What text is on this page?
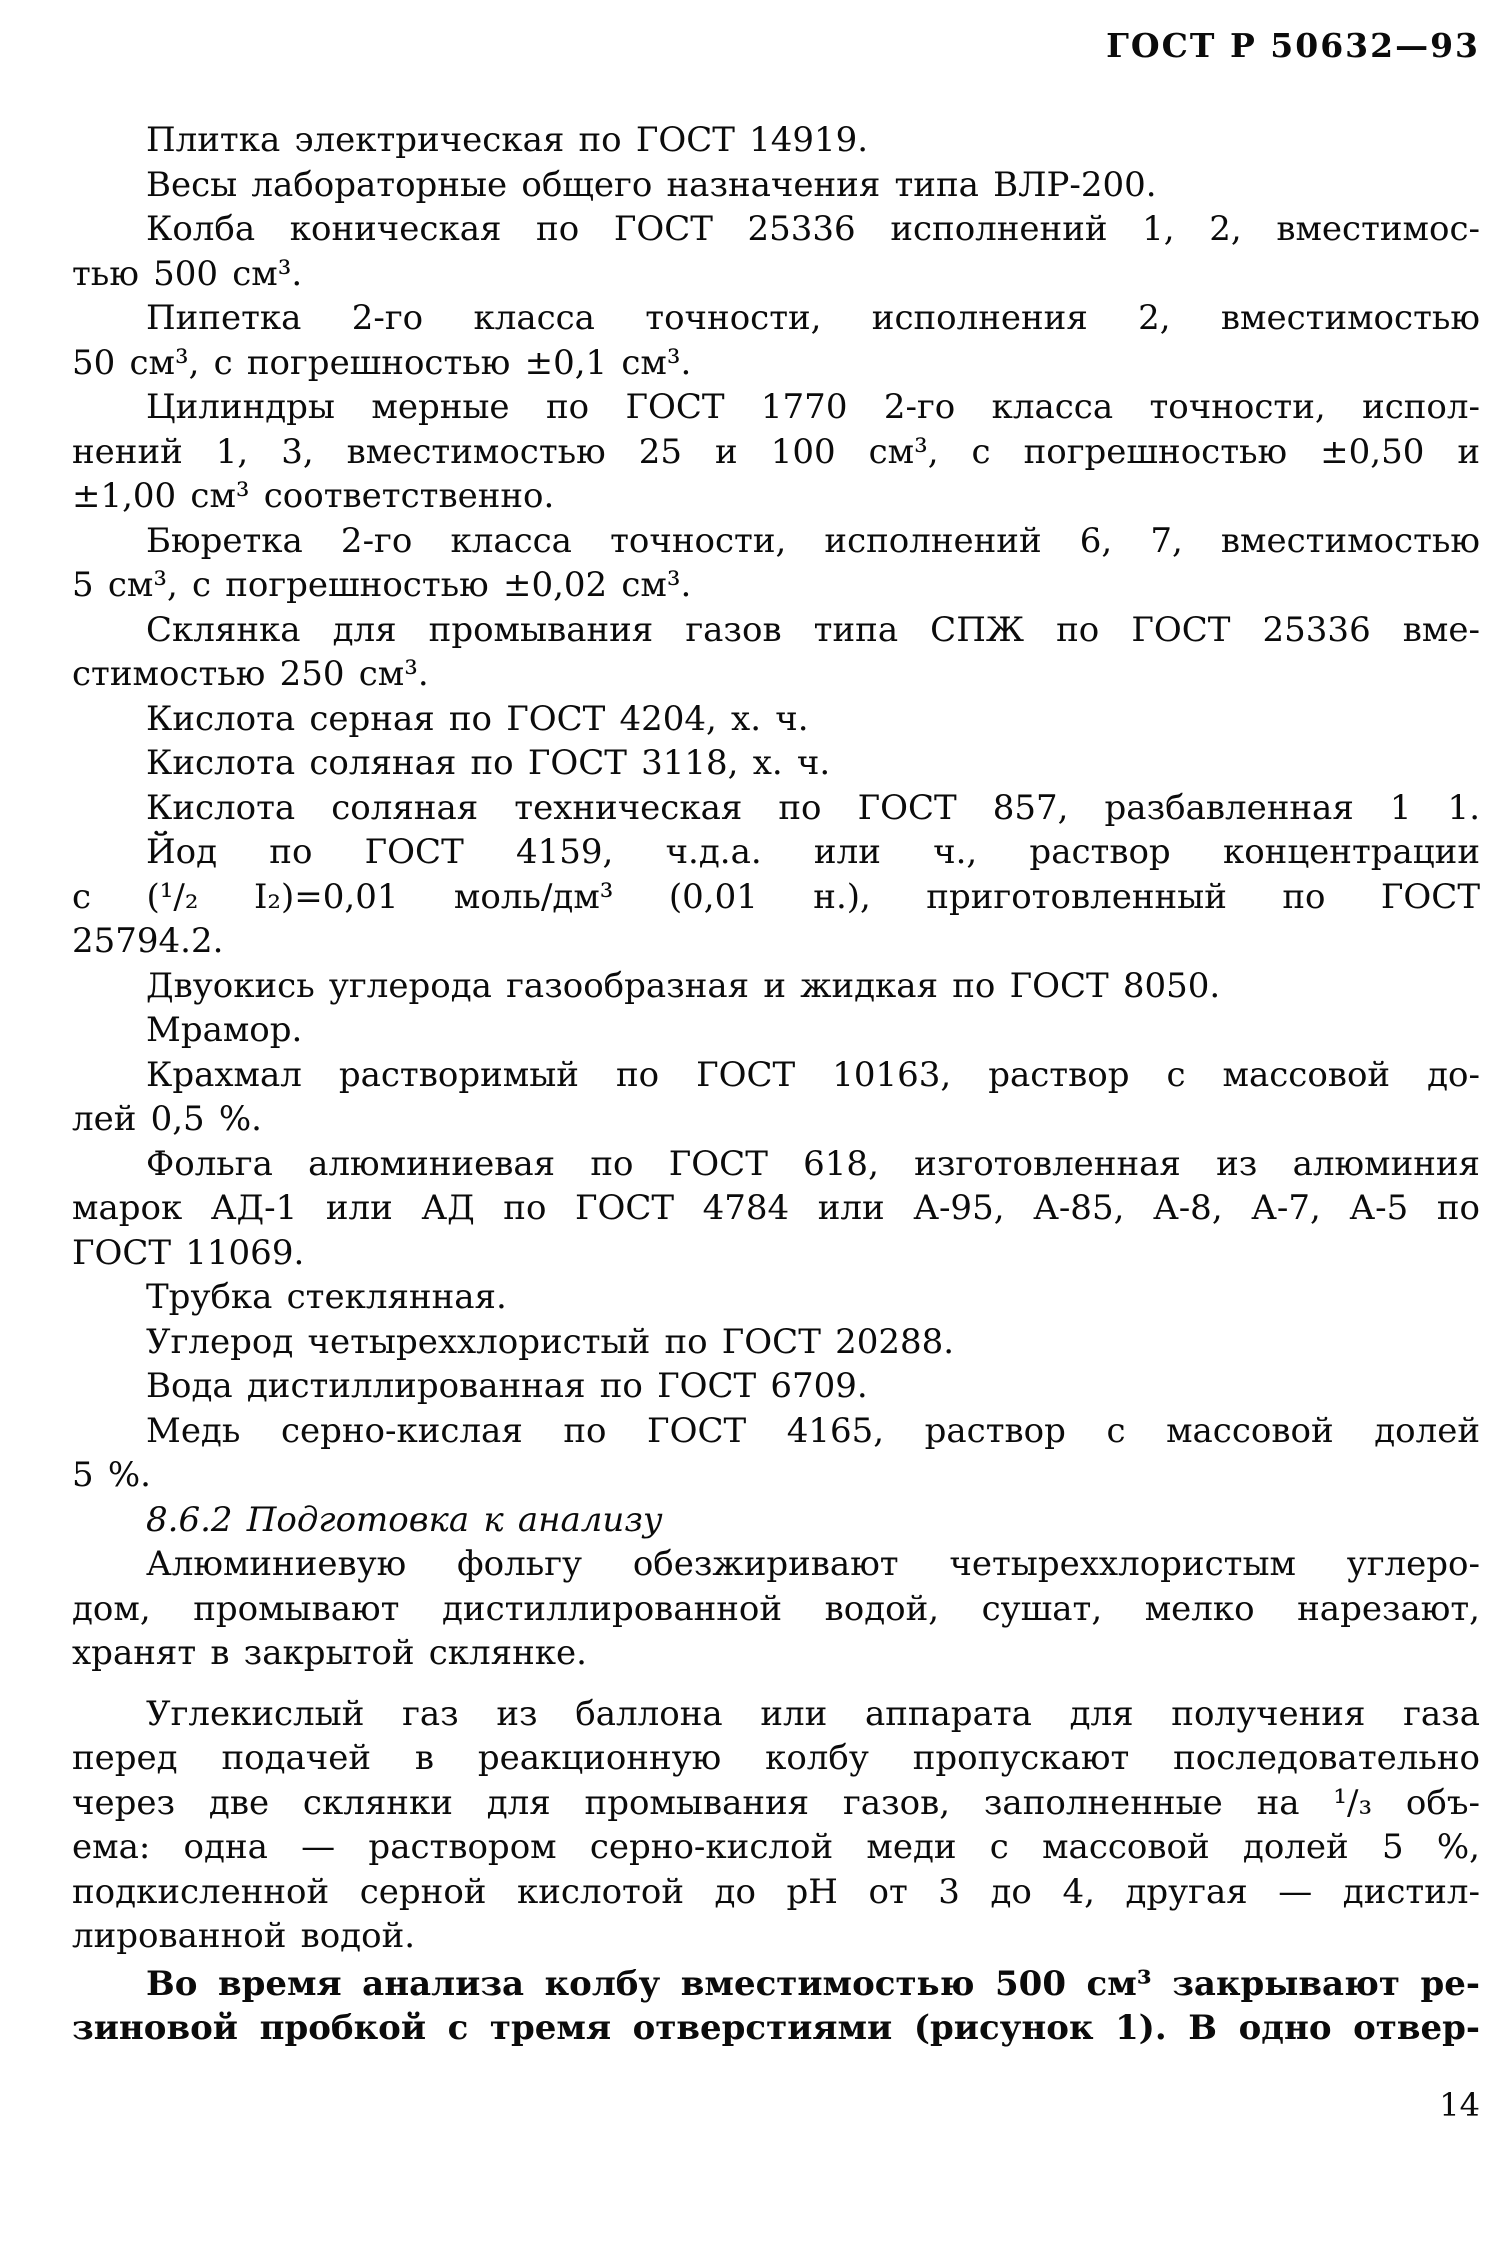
ГОСТ Р 50632—93
Плитка электрическая по ГОСТ 14919.
Весы лабораторные общего назначения типа ВЛР-200.
Колба коническая по ГОСТ 25336 исполнений 1, 2, вместимос-
тью 500 см³.
Пипетка 2-го класса точности, исполнения 2, вместимостью
50 см³, с погрешностью ±0,1 см³.
Цилиндры мерные по ГОСТ 1770 2-го класса точности, испол-
нений 1, 3, вместимостью 25 и 100 см³, с погрешностью ±0,50 и
±1,00 см³ соответственно.
Бюретка 2-го класса точности, исполнений 6, 7, вместимостью
5 см³, с погрешностью ±0,02 см³.
Склянка для промывания газов типа СПЖ по ГОСТ 25336 вме-
стимостью 250 см³.
Кислота серная по ГОСТ 4204, х. ч.
Кислота соляная по ГОСТ 3118, х. ч.
Кислота соляная техническая по ГОСТ 857, разбавленная 1 1.
Йод по ГОСТ 4159, ч.д.а. или ч., раствор концентрации
с (¹/₂ I₂)=0,01 моль/дм³ (0,01 н.), приготовленный по ГОСТ
25794.2.
Двуокись углерода газообразная и жидкая по ГОСТ 8050.
Мрамор.
Крахмал растворимый по ГОСТ 10163, раствор с массовой до-
лей 0,5 %.
Фольга алюминиевая по ГОСТ 618, изготовленная из алюминия
марок АД-1 или АД по ГОСТ 4784 или А-95, А-85, А-8, А-7, А-5 по
ГОСТ 11069.
Трубка стеклянная.
Углерод четыреххлористый по ГОСТ 20288.
Вода дистиллированная по ГОСТ 6709.
Медь серно-кислая по ГОСТ 4165, раствор с массовой долей
5 %.
8.6.2 Подготовка к анализу
Алюминиевую фольгу обезжиривают четыреххлористым углеро-
дом, промывают дистиллированной водой, сушат, мелко нарезают,
хранят в закрытой склянке.
Углекислый газ из баллона или аппарата для получения газа
перед подачей в реакционную колбу пропускают последовательно
через две склянки для промывания газов, заполненные на ¹/₃ объ-
ема: одна — раствором серно-кислой меди с массовой долей 5 %,
подкисленной серной кислотой до рН от 3 до 4, другая — дистил-
лированной водой.
Во время анализа колбу вместимостью 500 см³ закрывают ре-
зиновой пробкой с тремя отверстиями (рисунок 1). В одно отвер-
14
